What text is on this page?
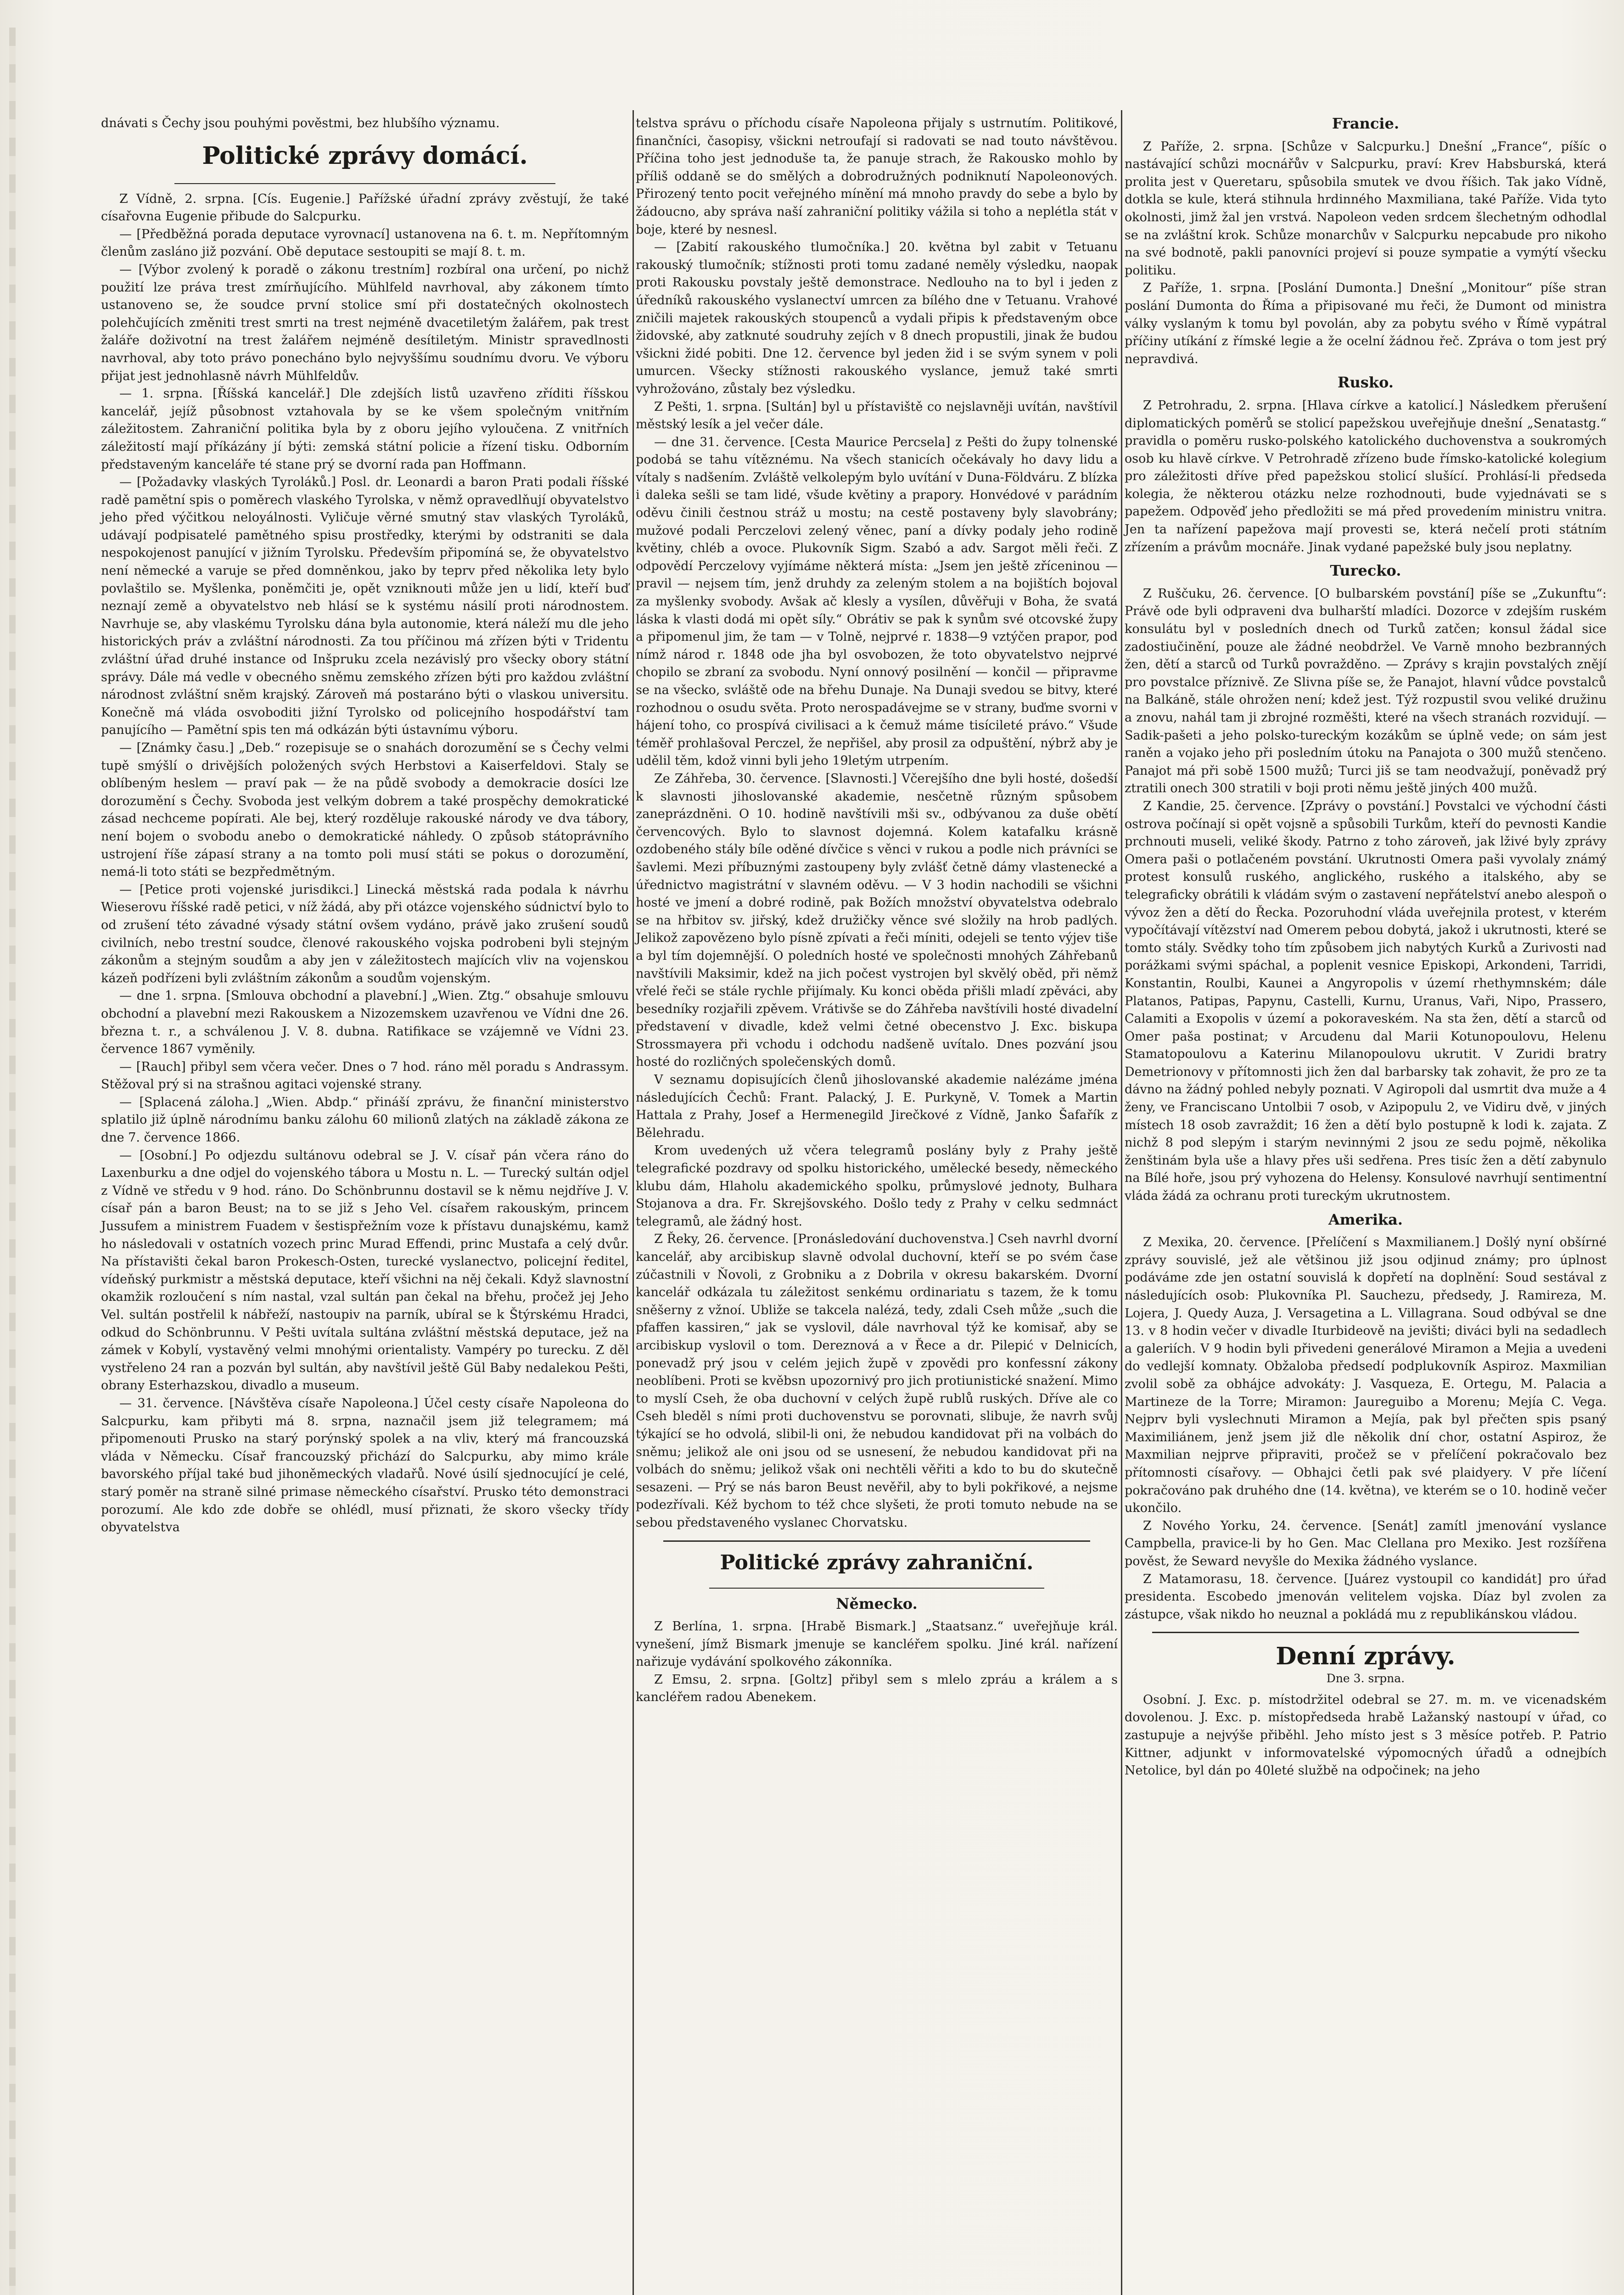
dnávati s Čechy jsou pouhými pověstmi, bez hlubšího významu.

Politické zprávy domácí.

Z Vídně, 2. srpna. [Cís. Eugenie.] Pařížské úřadní zprávy zvěstují, že také císařovna Eugenie přibude do Salcpurku.

— [Předběžná porada deputace vyrovnací] ustanovena na 6. t. m. Nepřítomným členům zasláno již pozvání. Obě deputace sestoupiti se mají 8. t. m.

— [Výbor zvolený k poradě o zákonu trestním] rozbíral ona určení, po nichž použití lze práva trest zmírňujícího. Mühlfeld navrhoval, aby zákonem tímto ustanoveno se, že soudce první stolice smí při dostatečných okolnostech polehčujících změniti trest smrti na trest nejméně dvacetiletým žalářem, pak trest žaláře doživotní na trest žalářem nejméně desítiletým. Ministr spravedlnosti navrhoval, aby toto právo ponecháno bylo nejvyššímu soudnímu dvoru. Ve výboru přijat jest jednohlasně návrh Mühlfeldův.

— 1. srpna. [Říšská kancelář.] Dle zdejších listů uzavřeno zříditi říšskou kancelář, jejíž působnost vztahovala by se ke všem společným vnitřním záležitostem. Zahraniční politika byla by z oboru jejího vyloučena. Z vnitřních záležitostí mají příkázány jí býti: zemská státní policie a řízení tisku. Odborním představeným kanceláře té stane prý se dvorní rada pan Hoffmann.

— [Požadavky vlaských Tyroláků.] Posl. dr. Leonardi a baron Prati podali říšské radě pamětní spis o poměrech vlaského Tyrolska, v němž opravedlňují obyvatelstvo jeho před výčitkou neloyálnosti. Vyličuje věrné smutný stav vlaských Tyroláků, udávají podpisatelé pamětného spisu prostředky, kterými by odstraniti se dala nespokojenost panující v jižním Tyrolsku. Především připomíná se, že obyvatelstvo není německé a varuje se před domněnkou, jako by teprv před několika lety bylo povlaštilo se. Myšlenka, poněmčiti je, opět vzniknouti může jen u lidí, kteří buď neznají země a obyvatelstvo neb hlásí se k systému násilí proti národnostem. Navrhuje se, aby vlaskému Tyrolsku dána byla autonomie, která náleží mu dle jeho historických práv a zvláštní národnosti. Za tou příčinou má zřízen býti v Tridentu zvláštní úřad druhé instance od Inšpruku zcela nezávislý pro všecky obory státní správy. Dále má vedle v obecného sněmu zemského zřízen býti pro každou zvláštní národnost zvláštní sněm krajský. Zároveň má postaráno býti o vlaskou universitu. Konečně má vláda osvoboditi jižní Tyrolsko od policejního hospodářství tam panujícího — Pamětní spis ten má odkázán býti ústavnímu výboru.

— [Známky času.] „Deb.“ rozepisuje se o snahách dorozumění se s Čechy velmi tupě smýšlí o drivějších položených svých Herbstovi a Kaiserfeldovi. Staly se oblíbeným heslem — praví pak — že na půdě svobody a demokracie dosíci lze dorozumění s Čechy. Svoboda jest velkým dobrem a také prospěchy demokratické zásad nechceme popírati. Ale bej, který rozděluje rakouské národy ve dva tábory, není bojem o svobodu anebo o demokratické náhledy. O způsob státoprávního ustrojení říše zápasí strany a na tomto poli musí státi se pokus o dorozumění, nemá-li toto státi se bezpředmětným.

— [Petice proti vojenské jurisdikci.] Linecká městská rada podala k návrhu Wieserovu říšské radě petici, v níž žádá, aby při otázce vojenského súdnictví bylo to od zrušení této závadné výsady státní ovšem vydáno, právě jako zrušení soudů civilních, nebo trestní soudce, členové rakouského vojska podrobeni byli stejným zákonům a stejným soudům a aby jen v záležitostech majících vliv na vojenskou kázeň podřízeni byli zvláštním zákonům a soudům vojenským.

— dne 1. srpna. [Smlouva obchodní a plavební.] „Wien. Ztg.“ obsahuje smlouvu obchodní a plavební mezi Rakouskem a Nizozemskem uzavřenou ve Vídni dne 26. března t. r., a schválenou J. V. 8. dubna. Ratifikace se vzájemně ve Vídni 23. července 1867 vyměnily.

— [Rauch] přibyl sem včera večer. Dnes o 7 hod. ráno měl poradu s Andrassym. Stěžoval prý si na strašnou agitaci vojenské strany.

— [Splacená záloha.] „Wien. Abdp.“ přináší zprávu, že finanční ministerstvo splatilo již úplně národnímu banku zálohu 60 milionů zlatých na základě zákona ze dne 7. července 1866.

— [Osobní.] Po odjezdu sultánovu odebral se J. V. císař pán včera ráno do Laxenburku a dne odjel do vojenského tábora u Mostu n. L. — Turecký sultán odjel z Vídně ve středu v 9 hod. ráno. Do Schönbrunnu dostavil se k němu nejdříve J. V. císař pán a baron Beust; na to se již s Jeho Vel. císařem rakouským, princem Jussufem a ministrem Fuadem v šestispřežním voze k přístavu dunajskému, kamž ho následovali v ostatních vozech princ Murad Effendi, princ Mustafa a celý dvůr. Na přístavišti čekal baron Prokesch-Osten, turecké vyslanectvo, policejní ředitel, vídeňský purkmistr a městská deputace, kteří všichni na něj čekali. Když slavnostní okamžik rozloučení s ním nastal, vzal sultán pan čekal na břehu, pročež jej Jeho Vel. sultán postřelil k nábřeží, nastoupiv na parník, ubíral se k Štýrskému Hradci, odkud do Schönbrunnu. V Pešti uvítala sultána zvláštní městská deputace, jež na zámek v Kobylí, vystavěný velmi mnohými orientalisty. Vampéry po turecku. Z děl vystřeleno 24 ran a pozván byl sultán, aby navštívil ještě Gül Baby nedalekou Pešti, obrany Esterhazskou, divadlo a museum.

— 31. července. [Návštěva císaře Napoleona.] Účel cesty císaře Napoleona do Salcpurku, kam přibyti má 8. srpna, naznačil jsem již telegramem; má připomenouti Prusko na starý porýnský spolek a na vliv, který má francouzská vláda v Německu. Císař francouzský přichází do Salcpurku, aby mimo krále bavorského příjal také bud jihoněmeckých vladařů. Nové úsilí sjednocující je celé, starý poměr na straně silné primase německého císařství. Prusko této demonstraci porozumí. Ale kdo zde dobře se ohlédl, musí přiznati, že skoro všecky třídy obyvatelstva

telstva správu o příchodu císaře Napoleona přijaly s ustrnutím. Politikové, finančníci, časopisy, všickni netroufají si radovati se nad touto návštěvou. Příčina toho jest jednoduše ta, že panuje strach, že Rakousko mohlo by příliš oddaně se do smělých a dobrodružných podniknutí Napoleonových. Přirozený tento pocit veřejného mínění má mnoho pravdy do sebe a bylo by žádoucno, aby správa naší zahraniční politiky vážila si toho a neplétla stát v boje, které by nesnesl.

— [Zabití rakouského tlumočníka.] 20. května byl zabit v Tetuanu rakouský tlumočník; stížnosti proti tomu zadané neměly výsledku, naopak proti Rakousku povstaly ještě demonstrace. Nedlouho na to byl i jeden z úředníků rakouského vyslanectví umrcen za bílého dne v Tetuanu. Vrahové zničili majetek rakouských stoupenců a vydali připis k představeným obce židovské, aby zatknuté soudruhy zejích v 8 dnech propustili, jinak že budou všickni židé pobiti. Dne 12. července byl jeden žid i se svým synem v poli umurcen. Všecky stížnosti rakouského vyslance, jemuž také smrti vyhrožováno, zůstaly bez výsledku.

Z Pešti, 1. srpna. [Sultán] byl u přístaviště co nejslavněji uvítán, navštívil městský lesík a jel večer dále.

— dne 31. července. [Cesta Maurice Percsela] z Pešti do župy tolnenské podobá se tahu vítěznému. Na všech stanicích očekávaly ho davy lidu a vítaly s nadšením. Zvláště velkolepým bylo uvítání v Duna-Földváru. Z blízka i daleka sešli se tam lidé, všude květiny a prapory. Honvédové v parádním oděvu činili čestnou stráž u mostu; na cestě postaveny byly slavobrány; mužové podali Perczelovi zelený věnec, paní a dívky podaly jeho rodině květiny, chléb a ovoce. Plukovník Sigm. Szabó a adv. Sargot měli řeči. Z odpovědí Perczelovy vyjímáme některá místa: „Jsem jen ještě zříceninou — pravil — nejsem tím, jenž druhdy za zeleným stolem a na bojištích bojoval za myšlenky svobody. Avšak ač klesly a vysílen, důvěřuji v Boha, že svatá láska k vlasti dodá mi opět síly.“ Obrátiv se pak k synům své otcovské župy a připomenul jim, že tam — v Tolně, nejprvé r. 1838—9 vztýčen prapor, pod nímž národ r. 1848 ode jha byl osvobozen, že toto obyvatelstvo nejprvé chopilo se zbraní za svobodu. Nyní onnový posilnění — končil — připravme se na všecko, svláště ode na břehu Dunaje. Na Dunaji svedou se bitvy, které rozhodnou o osudu světa. Proto nerospadávejme se v strany, buďme svorni v hájení toho, co prospívá civilisaci a k čemuž máme tisícileté právo.“ Všude téměř prohlašoval Perczel, že nepřišel, aby prosil za odpuštění, nýbrž aby je udělil těm, kdož vinni byli jeho 19letým utrpením.

Ze Záhřeba, 30. července. [Slavnosti.] Včerejšího dne byli hosté, došedší k slavnosti jihoslovanské akademie, nesčetně různým spůsobem zaneprázdněni. O 10. hodině navštívili mši sv., odbývanou za duše obětí červencových. Bylo to slavnost dojemná. Kolem katafalku krásně ozdobeného stály bíle oděné dívčice s věnci v rukou a podle nich právníci se šavlemi. Mezi příbuznými zastoupeny byly zvlášť četně dámy vlastenecké a úřednictvo magistrátní v slavném oděvu. — V 3 hodin nachodili se všichni hosté ve jmení a dobré rodině, pak Božích množství obyvatelstva odebralo se na hřbitov sv. jiřský, kdež družičky věnce své složily na hrob padlých. Jelikož zapovězeno bylo písně zpívati a řeči míniti, odejeli se tento výjev tiše a byl tím dojemnější. O poledních hosté ve společnosti mnohých Záhřebanů navštívili Maksimir, kdež na jich počest vystrojen byl skvělý oběd, při němž vřelé řeči se stále rychle přijímaly. Ku konci oběda přišli mladí zpěváci, aby besedníky rozjařili zpěvem. Vrátivše se do Záhřeba navštívili hosté divadelní představení v divadle, kdež velmi četné obecenstvo J. Exc. biskupa Strossmayera při vchodu i odchodu nadšeně uvítalo. Dnes pozvání jsou hosté do rozličných společenských domů.

V seznamu dopisujících členů jihoslovanské akademie nalézáme jména následujících Čechů: Frant. Palacký, J. E. Purkyně, V. Tomek a Martin Hattala z Prahy, Josef a Hermenegild Jirečkové z Vídně, Janko Šafařík z Bělehradu.

Krom uvedených už včera telegramů poslány byly z Prahy ještě telegrafické pozdravy od spolku historického, umělecké besedy, německého klubu dám, Hlaholu akademického spolku, průmyslové jednoty, Bulhara Stojanova a dra. Fr. Skrejšovského. Došlo tedy z Prahy v celku sedmnáct telegramů, ale žádný host.

Z Řeky, 26. července. [Pronásledování duchovenstva.] Cseh navrhl dvorní kancelář, aby arcibiskup slavně odvolal duchovní, kteří se po svém čase zúčastnili v Ňovoli, z Grobniku a z Dobrila v okresu bakarském. Dvorní kancelář odkázala tu záležitost senkému ordinariatu s tazem, že k tomu sněšerny z vžnoí. Ubliže se takcela nalézá, tedy, zdali Cseh může „such die pfaffen kassiren,“ jak se vyslovil, dále navrhoval týž ke komisař, aby se arcibiskup vyslovil o tom. Dereznová a v Řece a dr. Pilepić v Delnicích, ponevadž prý jsou v celém jejich župě v zpovědi pro konfessní zákony neoblíbeni. Proti se kvěbsn upozornivý pro jich protiunistické snažení. Mimo to myslí Cseh, že oba duchovní v celých župě rublů ruských. Dříve ale co Cseh bleděl s ními proti duchovenstvu se porovnati, slibuje, že navrh svůj týkající se ho odvolá, slibil-li oni, že nebudou kandidovat při na volbách do sněmu; jelikož ale oni jsou od se usnesení, že nebudou kandidovat při na volbách do sněmu; jelikož však oni nechtěli věřiti a kdo to bu do skutečně sesazeni. — Prý se nás baron Beust nevěřil, aby to byli pokřikové, a nejsme podezřívali. Kéž bychom to též chce slyšeti, že proti tomuto nebude na se sebou představeného vyslanec Chorvatsku.

Politické zprávy zahraniční.
Německo.

Z Berlína, 1. srpna. [Hrabě Bismark.] „Staatsanz.“ uveřejňuje král. vynešení, jímž Bismark jmenuje se kancléřem spolku. Jiné král. nařízení nařizuje vydávání spolkového zákonníka.

Z Emsu, 2. srpna. [Goltz] přibyl sem s mlelo zpráu a králem a s kancléřem radou Abenekem.

Francie.

Z Paříže, 2. srpna. [Schůze v Salcpurku.] Dnešní „France“, píšíc o nastávající schůzi mocnářův v Salcpurku, praví: Krev Habsburská, která prolita jest v Queretaru, spůsobila smutek ve dvou říšich. Tak jako Vídně, dotkla se kule, která stihnula hrdinného Maxmiliana, také Paříže. Vida tyto okolnosti, jimž žal jen vrstvá. Napoleon veden srdcem šlechetným odhodlal se na zvláštní krok. Schůze monarchův v Salcpurku nepcabude pro nikoho na své bodnotě, pakli panovníci projeví si pouze sympatie a vymýtí všecku politiku.

Z Paříže, 1. srpna. [Poslání Dumonta.] Dnešní „Monitour“ píše stran poslání Dumonta do Říma a připisované mu řeči, že Dumont od ministra války vyslaným k tomu byl povolán, aby za pobytu svého v Římě vypátral příčiny utíkání z římské legie a že ocelní žádnou řeč. Zpráva o tom jest prý nepravdivá.

Rusko.

Z Petrohradu, 2. srpna. [Hlava církve a katolicí.] Následkem přerušení diplomatických poměrů se stolicí papežskou uveřejňuje dnešní „Senatastg.“ pravidla o poměru rusko-polského katolického duchovenstva a soukromých osob ku hlavě církve. V Petrohradě zřízeno bude římsko-katolické kolegium pro záležitosti dříve před papežskou stolicí slušící. Prohlásí-li předseda kolegia, že některou otázku nelze rozhodnouti, bude vyjednávati se s papežem. Odpověď jeho předložiti se má před provedením ministru vnitra. Jen ta nařízení papežova mají provesti se, která nečelí proti státním zřízením a právům mocnáře. Jinak vydané papežské buly jsou neplatny.

Turecko.

Z Ruščuku, 26. července. [O bulbarském povstání] píše se „Zukunftu“: Právě ode byli odpraveni dva bulharští mladíci. Dozorce v zdejším ruském konsulátu byl v posledních dnech od Turků zatčen; konsul žádal sice zadostiučinění, pouze ale žádné neobdržel. Ve Varně mnoho bezbranných žen, dětí a starců od Turků povražděno. — Zprávy s krajin povstalých znějí pro povstalce příznivě. Ze Slivna píše se, že Panajot, hlavní vůdce povstalců na Balkáně, stále ohrožen není; kdež jest. Týž rozpustil svou veliké družinu a znovu, nahál tam ji zbrojné rozměšti, které na všech stranách rozvidují. — Sadik-pašeti a jeho polsko-tureckým kozákům se úplně vede; on sám jest raněn a vojako jeho při posledním útoku na Panajota o 300 mužů stenčeno. Panajot má při sobě 1500 mužů; Turci jiš se tam neodvažují, poněvadž prý ztratili onech 300 stratili v boji proti němu ještě jiných 400 mužů.

Z Kandie, 25. července. [Zprávy o povstání.] Povstalci ve východní části ostrova počínají si opět vojsně a spůsobili Turkům, kteří do pevnosti Kandie prchnouti museli, veliké škody. Patrno z toho zároveň, jak lživé byly zprávy Omera paši o potlačeném povstání. Ukrutnosti Omera paši vyvolaly známý protest konsulů ruského, anglického, ruského a italského, aby se telegraficky obrátili k vládám svým o zastavení nepřátelství anebo alespoň o vývoz žen a dětí do Řecka. Pozoruhodní vláda uveřejnila protest, v kterém vypočítávají vítězství nad Omerem pebou dobytá, jakož i ukrutnosti, které se tomto stály. Svědky toho tím způsobem jich nabytých Kurků a Zurivosti nad porážkami svými spáchal, a poplenit vesnice Episkopi, Arkondeni, Tarridi, Konstantin, Roulbi, Kaunei a Angyropolis v území rhethymnském; dále Platanos, Patipas, Papynu, Castelli, Kurnu, Uranus, Vaři, Nipo, Prassero, Calamiti a Exopolis v území a pokoraveském. Na sta žen, dětí a starců od Omer paša postinat; v Arcudenu dal Marii Kotunopoulovu, Helenu Stamatopoulovu a Katerinu Milanopoulovu ukrutit. V Zuridi bratry Demetrionovy v přítomnosti jich žen dal barbarsky tak zohavit, že pro ze ta dávno na žádný pohled nebyly poznati. V Agiropoli dal usmrtit dva muže a 4 ženy, ve Franciscano Untolbii 7 osob, v Azipopulu 2, ve Vidiru dvě, v jiných místech 18 osob zavraždit; 16 žen a dětí bylo postupně k lodi k. zajata. Z nichž 8 pod slepým i starým nevinnými 2 jsou ze sedu pojmě, několika ženštinám byla uše a hlavy přes uši sedřena. Pres tisíc žen a dětí zabynulo na Bílé hoře, jsou prý vyhozena do Helensy. Konsulové navrhují sentimentní vláda žádá za ochranu proti tureckým ukrutnostem.

Amerika.

Z Mexika, 20. července. [Přelíčení s Maxmilianem.] Došlý nyní obšírné zprávy souvislé, jež ale většinou již jsou odjinud známy; pro úplnost podáváme zde jen ostatní souvislá k dopřetí na doplnění: Soud sestával z následujících osob: Plukovníka Pl. Sauchezu, předsedy, J. Ramireza, M. Lojera, J. Quedy Auza, J. Versagetina a L. Villagrana. Soud odbýval se dne 13. v 8 hodin večer v divadle Iturbideově na jevišti; diváci byli na sedadlech a galeriích. V 9 hodin byli přivedeni generálové Miramon a Mejia a uvedeni do vedlejší komnaty. Obžaloba předsedí podplukovník Aspiroz. Maxmilian zvolil sobě za obhájce advokáty: J. Vasqueza, E. Ortegu, M. Palacia a Martineze de la Torre; Miramon: Jaureguibo a Morenu; Mejía C. Vega. Nejprv byli vyslechnuti Miramon a Mejía, pak byl přečten spis psaný Maximiliánem, jenž jsem již dle několik dní chor, ostatní Aspiroz, že Maxmilian nejprve připraviti, pročež se v přelíčení pokračovalo bez přítomnosti císařovy. — Obhajci četli pak své plaidyery. V pře líčení pokračováno pak druhého dne (14. května), ve kterém se o 10. hodině večer ukončilo.

Z Nového Yorku, 24. července. [Senát] zamítl jmenování vyslance Campbella, pravice-li by ho Gen. Mac Clellana pro Mexiko. Jest rozšířena pověst, že Seward nevyšle do Mexika žádného vyslance.

Z Matamorasu, 18. července. [Juárez vystoupil co kandidát] pro úřad presidenta. Escobedo jmenován velitelem vojska. Díaz byl zvolen za zástupce, však nikdo ho neuznal a pokládá mu z republikánskou vládou.

Denní zprávy.
Dne 3. srpna.

Osobní. J. Exc. p. místodržitel odebral se 27. m. m. ve vicenadském dovolenou. J. Exc. p. místopředseda hrabě Lažanský nastoupí v úřad, co zastupuje a nejvýše přiběhl. Jeho místo jest s 3 měsíce potřeb. P. Patrio Kittner, adjunkt v informovatelské výpomocných úřadů a odnejbích Netolice, byl dán po 40leté službě na odpočinek; na jeho
